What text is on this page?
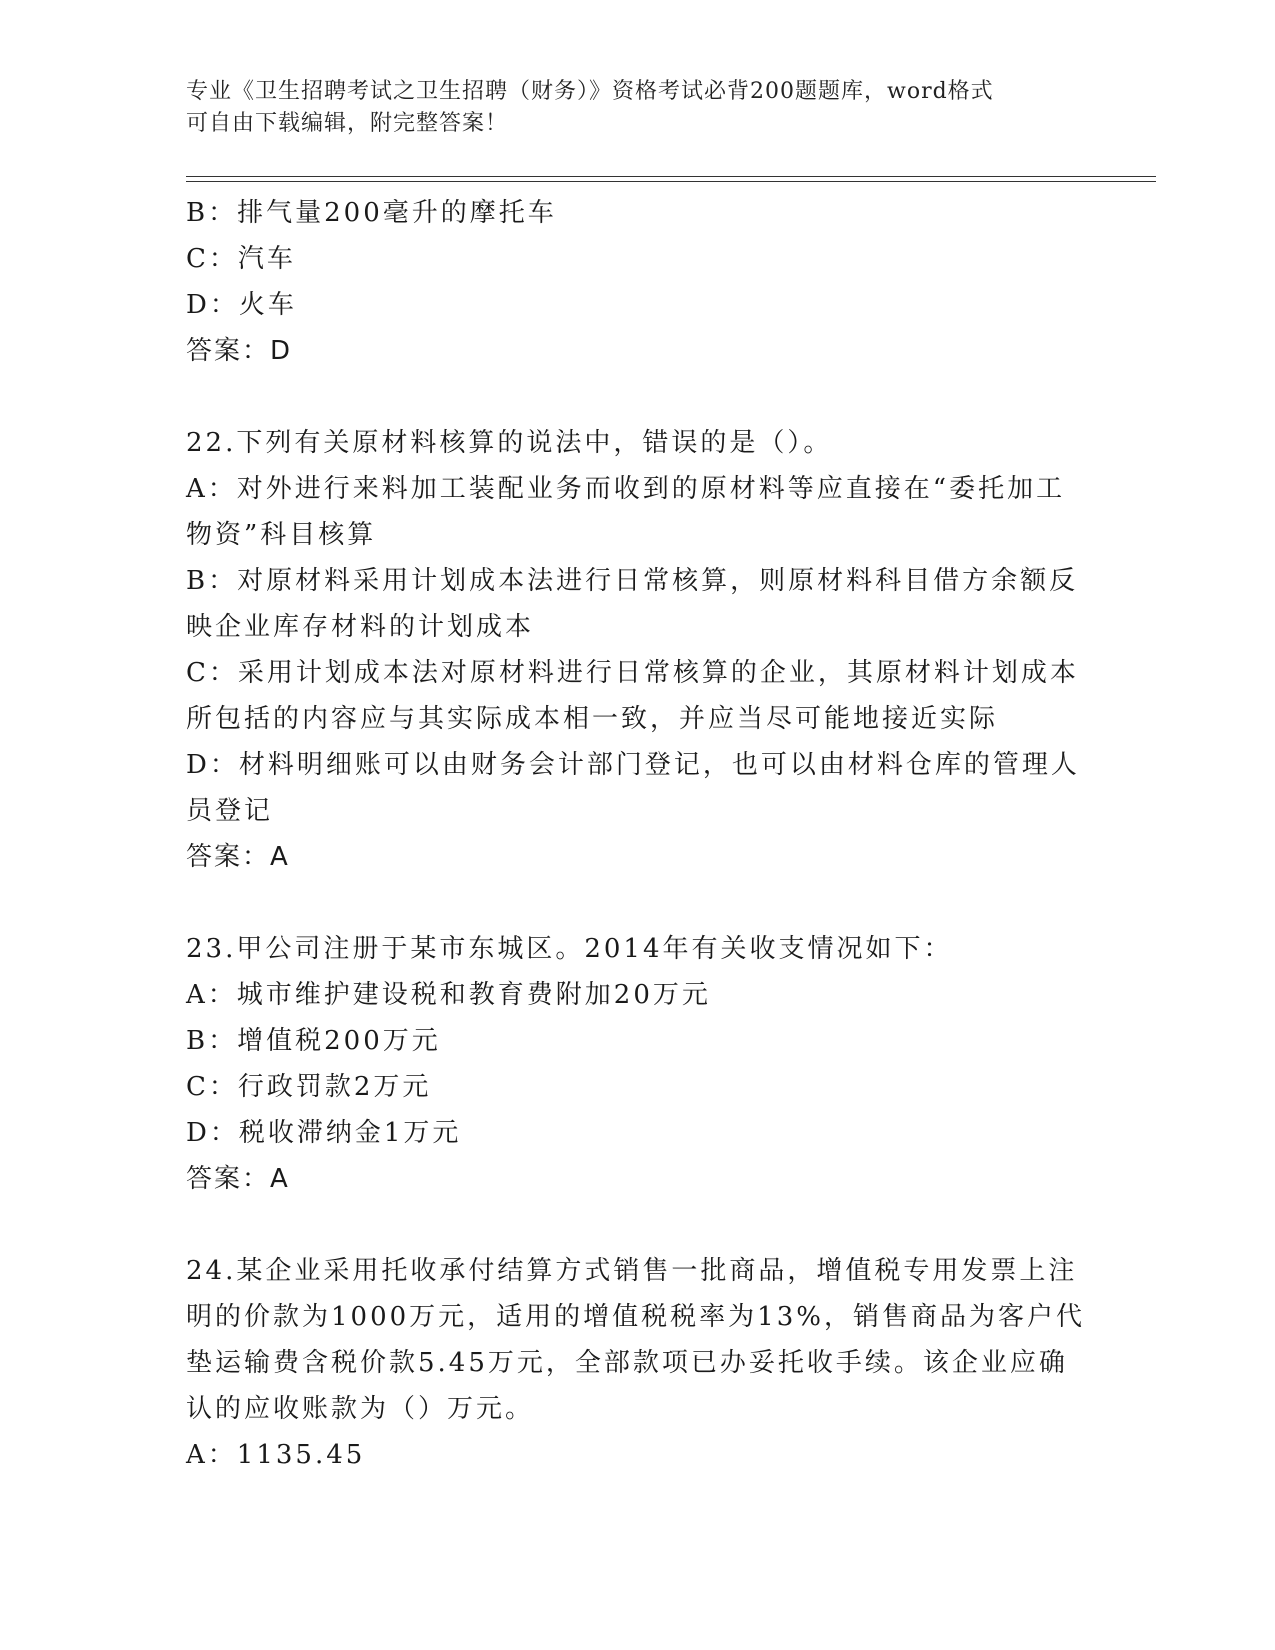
专业《卫生招聘考试之卫生招聘（财务）》资格考试必背200题题库，word格式
可自由下载编辑，附完整答案！
B：排气量200毫升的摩托车
C：汽车
D：火车
答案：D
22.下列有关原材料核算的说法中，错误的是（）。
A：对外进行来料加工装配业务而收到的原材料等应直接在“委托加工
物资”科目核算
B：对原材料采用计划成本法进行日常核算，则原材料科目借方余额反
映企业库存材料的计划成本
C：采用计划成本法对原材料进行日常核算的企业，其原材料计划成本
所包括的内容应与其实际成本相一致，并应当尽可能地接近实际
D：材料明细账可以由财务会计部门登记，也可以由材料仓库的管理人
员登记
答案：A
23.甲公司注册于某市东城区。2014年有关收支情况如下：
A：城市维护建设税和教育费附加20万元
B：增值税200万元
C：行政罚款2万元
D：税收滞纳金1万元
答案：A
24.某企业采用托收承付结算方式销售一批商品，增值税专用发票上注
明的价款为1000万元，适用的增值税税率为13%，销售商品为客户代
垫运输费含税价款5.45万元，全部款项已办妥托收手续。该企业应确
认的应收账款为（）万元。
A：1135.45
